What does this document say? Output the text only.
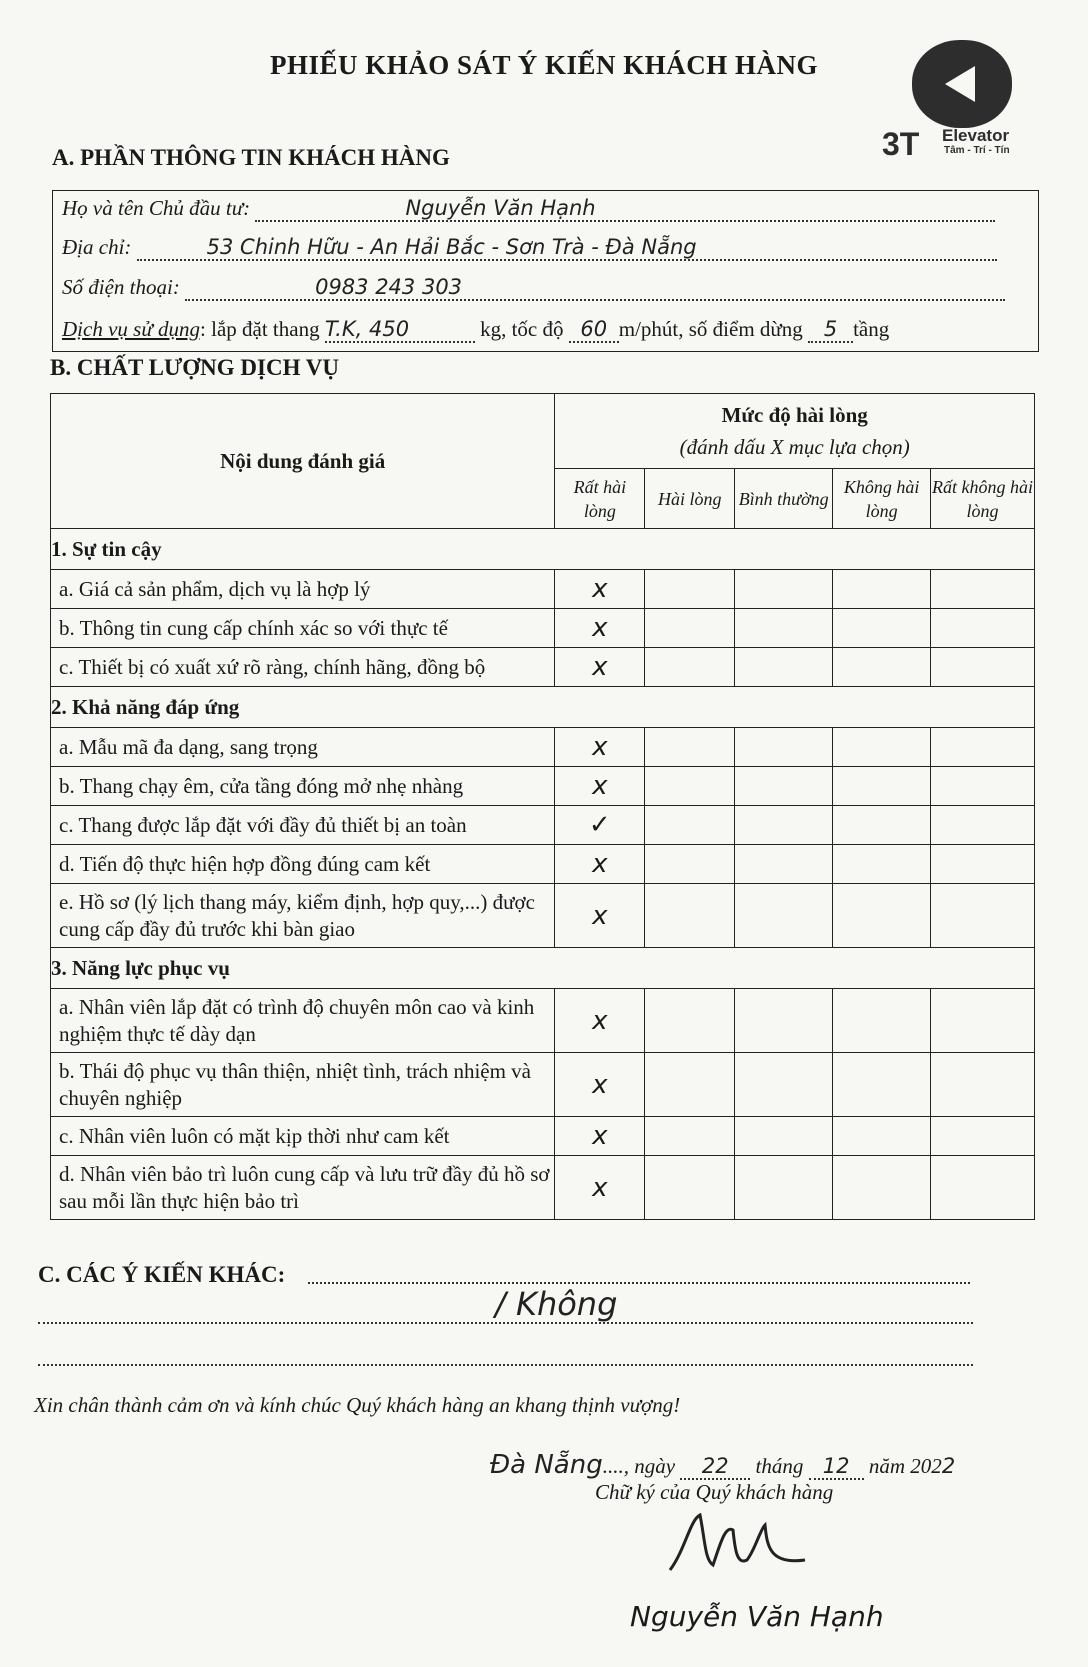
PHIẾU KHẢO SÁT Ý KIẾN KHÁCH HÀNG
3T Elevator
Tâm - Trí - Tín
A. PHẦN THÔNG TIN KHÁCH HÀNG
Họ và tên Chủ đầu tư:	Nguyễn Văn Hạnh
Địa chỉ:	53 Chinh Hữu - An Hải Bắc - Sơn Trà - Đà Nẵng
Số điện thoại:	0983 243 303
Dịch vụ sử dụng: lắp đặt thang T.K, 450	kg, tốc độ 60 m/phút, số điểm dừng 5 tầng
B. CHẤT LƯỢNG DỊCH VỤ
Nội dung đánh giá	Mức độ hài lòng
(đánh dấu X mục lựa chọn)				

	Rất hài lòng	Hài lòng	Bình thường	Không hài lòng	Rất không hài lòng
1. Sự tin cậy					
a. Giá cả sản phẩm, dịch vụ là hợp lý	x				
b. Thông tin cung cấp chính xác so với thực tế	x				
c. Thiết bị có xuất xứ rõ ràng, chính hãng, đồng bộ	x				
2. Khả năng đáp ứng					
a. Mẫu mã đa dạng, sang trọng	x				
b. Thang chạy êm, cửa tầng đóng mở nhẹ nhàng	x				
c. Thang được lắp đặt với đầy đủ thiết bị an toàn	✓				
d. Tiến độ thực hiện hợp đồng đúng cam kết	x				
e. Hồ sơ (lý lịch thang máy, kiểm định, hợp quy,...) được cung cấp đầy đủ trước khi bàn giao	x				
3. Năng lực phục vụ					
a. Nhân viên lắp đặt có trình độ chuyên môn cao và kinh nghiệm thực tế dày dạn	x				
b. Thái độ phục vụ thân thiện, nhiệt tình, trách nhiệm và chuyên nghiệp	x				
c. Nhân viên luôn có mặt kịp thời như cam kết	x				
d. Nhân viên bảo trì luôn cung cấp và lưu trữ đầy đủ hồ sơ sau mỗi lần thực hiện bảo trì	x				
C. CÁC Ý KIẾN KHÁC:
/ Không
Xin chân thành cảm ơn và kính chúc Quý khách hàng an khang thịnh vượng!
Đà Nẵng...., ngày 22 tháng 12 năm 2022
Chữ ký của Quý khách hàng
Nguyễn Văn Hạnh
